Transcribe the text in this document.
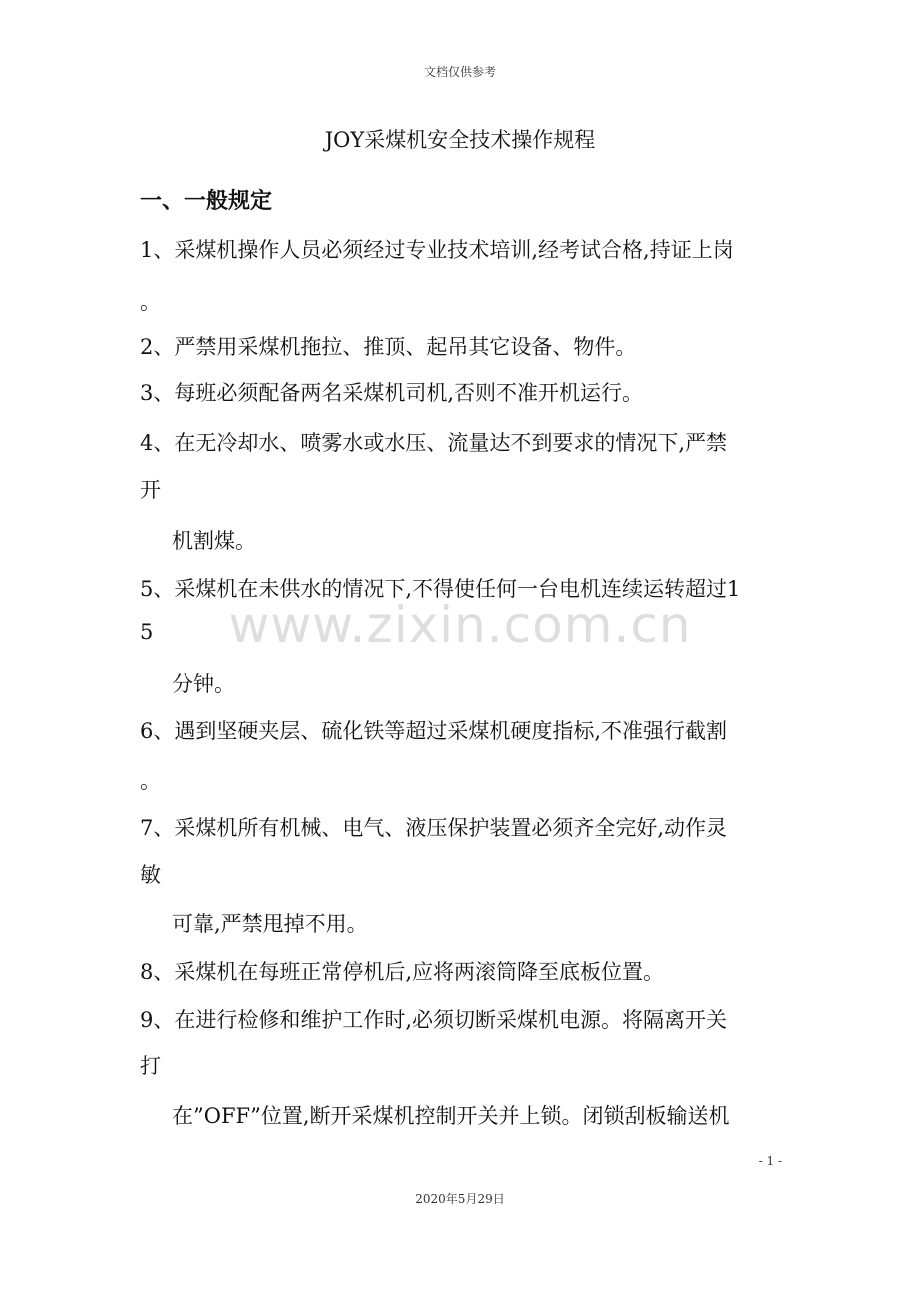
文档仅供参考
JOY采煤机安全技术操作规程
一、一般规定
1、采煤机操作人员必须经过专业技术培训,经考试合格,持证上岗
。
2、严禁用采煤机拖拉、推顶、起吊其它设备、物件。
3、每班必须配备两名采煤机司机,否则不准开机运行。
4、在无冷却水、喷雾水或水压、流量达不到要求的情况下,严禁
开
机割煤。
5、采煤机在未供水的情况下,不得使任何一台电机连续运转超过1
5
分钟。
6、遇到坚硬夹层、硫化铁等超过采煤机硬度指标,不准强行截割
。
7、采煤机所有机械、电气、液压保护装置必须齐全完好,动作灵
敏
可靠,严禁甩掉不用。
8、采煤机在每班正常停机后,应将两滚筒降至底板位置。
9、在进行检修和维护工作时,必须切断采煤机电源。将隔离开关
打
在”OFF”位置,断开采煤机控制开关并上锁。闭锁刮板输送机
www.zixin.com.cn
- 1 -
2020年5月29日
